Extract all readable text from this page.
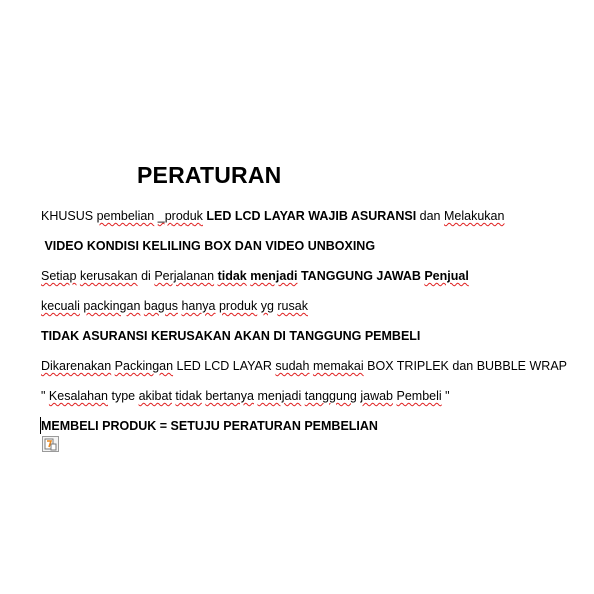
PERATURAN
KHUSUS pembelian _produk LED LCD LAYAR WAJIB ASURANSI dan Melakukan
VIDEO KONDISI KELILING BOX DAN VIDEO UNBOXING
Setiap kerusakan di Perjalanan tidak menjadi TANGGUNG JAWAB Penjual
kecuali packingan bagus hanya produk yg rusak
TIDAK ASURANSI KERUSAKAN AKAN DI TANGGUNG PEMBELI
Dikarenakan Packingan LED LCD LAYAR sudah memakai BOX TRIPLEK dan BUBBLE WRAP
" Kesalahan type akibat tidak bertanya menjadi tanggung jawab Pembeli "
MEMBELI PRODUK = SETUJU PERATURAN PEMBELIAN
